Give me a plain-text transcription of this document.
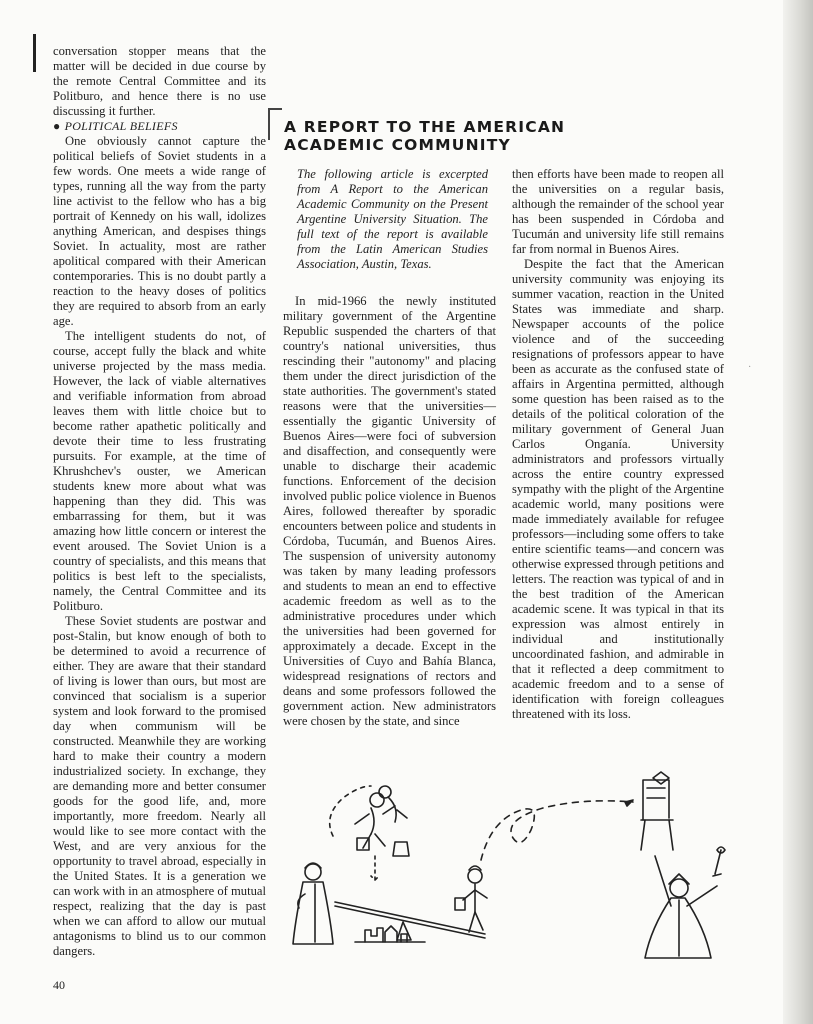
conversation stopper means that the matter will be decided in due course by the remote Central Committee and its Politburo, and hence there is no use discussing it further.

● POLITICAL BELIEFS

One obviously cannot capture the political beliefs of Soviet students in a few words. One meets a wide range of types, running all the way from the party line activist to the fellow who has a big portrait of Kennedy on his wall, idolizes anything American, and despises things Soviet. In actuality, most are rather apolitical compared with their American contemporaries. This is no doubt partly a reaction to the heavy doses of politics they are required to absorb from an early age.

The intelligent students do not, of course, accept fully the black and white universe projected by the mass media. However, the lack of viable alternatives and verifiable information from abroad leaves them with little choice but to become rather apathetic politically and devote their time to less frustrating pursuits. For example, at the time of Khrushchev's ouster, we American students knew more about what was happening than they did. This was embarrassing for them, but it was amazing how little concern or interest the event aroused. The Soviet Union is a country of specialists, and this means that politics is best left to the specialists, namely, the Central Committee and its Politburo.

These Soviet students are postwar and post-Stalin, but know enough of both to be determined to avoid a recurrence of either. They are aware that their standard of living is lower than ours, but most are convinced that socialism is a superior system and look forward to the promised day when communism will be constructed. Meanwhile they are working hard to make their country a modern industrialized society. In exchange, they are demanding more and better consumer goods for the good life, and, more importantly, more freedom. Nearly all would like to see more contact with the West, and are very anxious for the opportunity to travel abroad, especially in the United States. It is a generation we can work with in an atmosphere of mutual respect, realizing that the day is past when we can afford to allow our mutual antagonisms to blind us to our common dangers.

A REPORT TO THE AMERICAN ACADEMIC COMMUNITY

The following article is excerpted from A Report to the American Academic Community on the Present Argentine University Situation. The full text of the report is available from the Latin American Studies Association, Austin, Texas.

In mid-1966 the newly instituted military government of the Argentine Republic suspended the charters of that country's national universities, thus rescinding their "autonomy" and placing them under the direct jurisdiction of the state authorities. The government's stated reasons were that the universities—essentially the gigantic University of Buenos Aires—were foci of subversion and disaffection, and consequently were unable to discharge their academic functions. Enforcement of the decision involved public police violence in Buenos Aires, followed thereafter by sporadic encounters between police and students in Córdoba, Tucumán, and Buenos Aires. The suspension of university autonomy was taken by many leading professors and students to mean an end to effective academic freedom as well as to the administrative procedures under which the universities had been governed for approximately a decade. Except in the Universities of Cuyo and Bahía Blanca, widespread resignations of rectors and deans and some professors followed the government action. New administrators were chosen by the state, and since

then efforts have been made to reopen all the universities on a regular basis, although the remainder of the school year has been suspended in Córdoba and Tucumán and university life still remains far from normal in Buenos Aires.

Despite the fact that the American university community was enjoying its summer vacation, reaction in the United States was immediate and sharp. Newspaper accounts of the police violence and of the succeeding resignations of professors appear to have been as accurate as the confused state of affairs in Argentina permitted, although some question has been raised as to the details of the political coloration of the military government of General Juan Carlos Onganía. University administrators and professors virtually across the entire country expressed sympathy with the plight of the Argentine academic world, many positions were made immediately available for refugee professors—including some offers to take entire scientific teams—and concern was otherwise expressed through petitions and letters. The reaction was typical of and in the best tradition of the American academic scene. It was typical in that its expression was almost entirely in individual and institutionally uncoordinated fashion, and admirable in that it reflected a deep commitment to academic freedom and to a sense of identification with foreign colleagues threatened with its loss.

·
40
